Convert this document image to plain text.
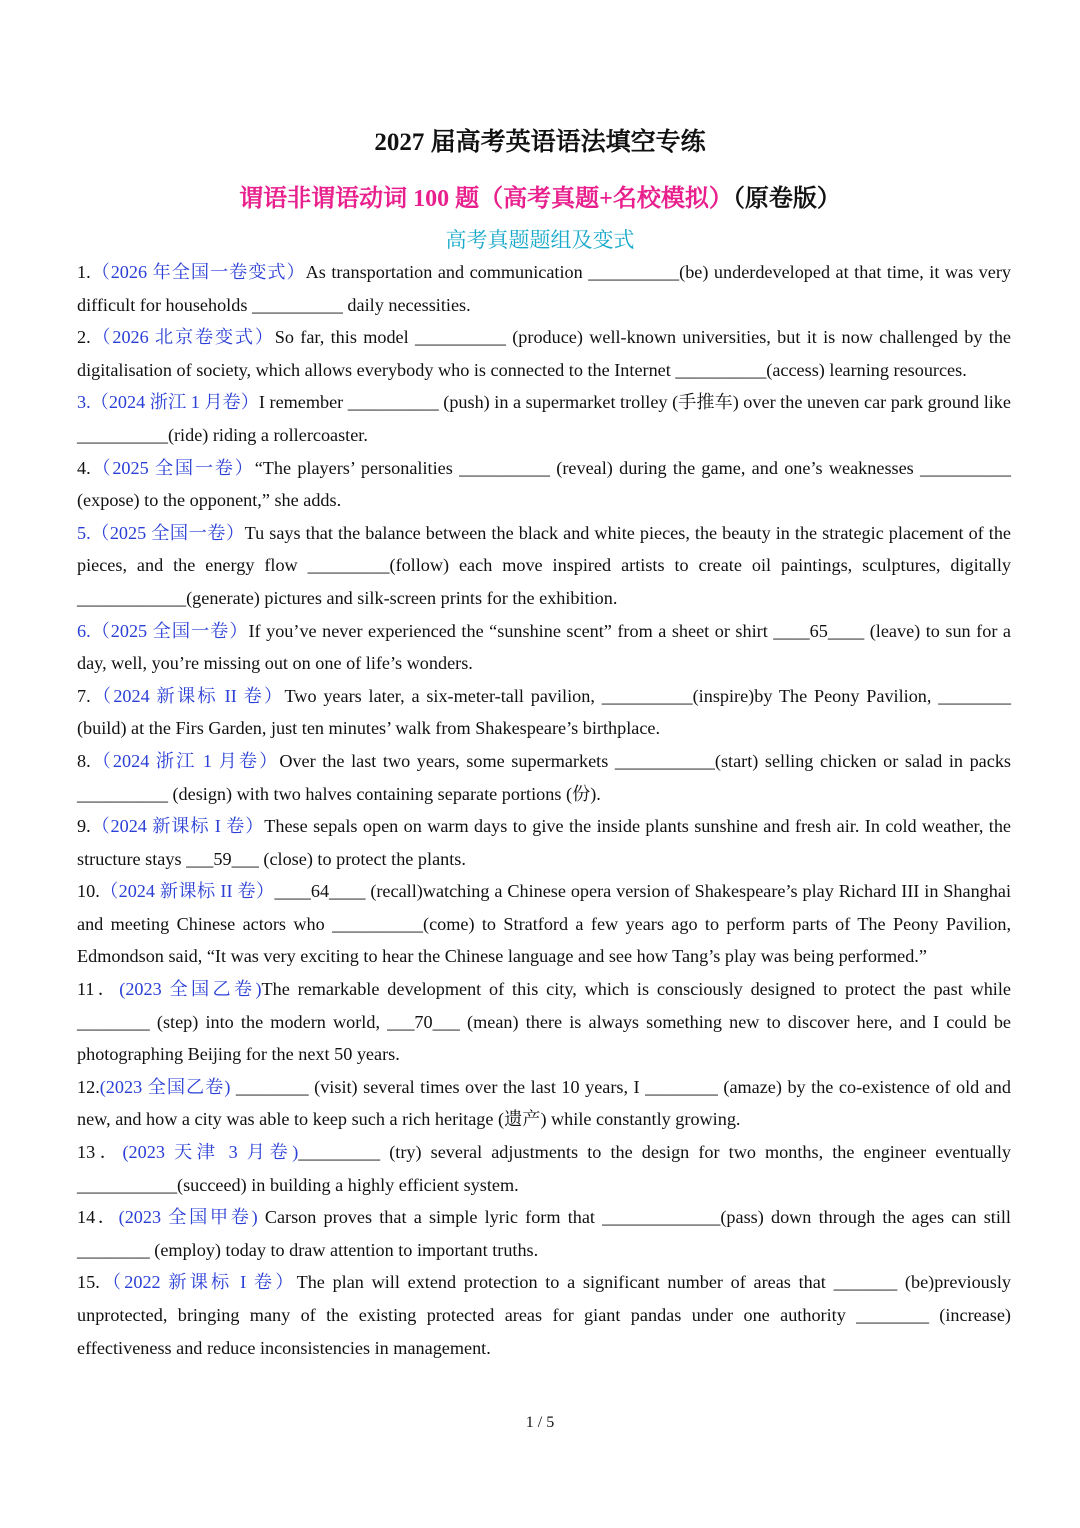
2027 届高考英语语法填空专练
谓语非谓语动词 100 题（高考真题+名校模拟）（原卷版）
高考真题题组及变式

1.（2026 年全国一卷变式）As transportation and communication __________(be) underdeveloped at that time, it was very difficult for households __________ daily necessities.

2.（2026 北京卷变式）So far, this model __________ (produce) well-known universities, but it is now challenged by the digitalisation of society, which allows everybody who is connected to the Internet __________(access) learning resources.

3.（2024 浙江 1 月卷）I remember __________ (push) in a supermarket trolley (手推车) over the uneven car park ground like __________(ride) riding a rollercoaster.

4.（2025 全国一卷）“The players’ personalities __________ (reveal) during the game, and one’s weaknesses __________ (expose) to the opponent,” she adds.

5.（2025 全国一卷）Tu says that the balance between the black and white pieces, the beauty in the strategic placement of the pieces, and the energy flow _________(follow) each move inspired artists to create oil paintings, sculptures, digitally ____________(generate) pictures and silk-screen prints for the exhibition.

6.（2025 全国一卷）If you’ve never experienced the “sunshine scent” from a sheet or shirt ____65____ (leave) to sun for a day, well, you’re missing out on one of life’s wonders.

7.（2024 新课标 II 卷）Two years later, a six-meter-tall pavilion, __________(inspire)by The Peony Pavilion, ________ (build) at the Firs Garden, just ten minutes’ walk from Shakespeare’s birthplace.

8.（2024 浙江 1 月卷）Over the last two years, some supermarkets ___________(start) selling chicken or salad in packs __________ (design) with two halves containing separate portions (份).

9.（2024 新课标 I 卷）These sepals open on warm days to give the inside plants sunshine and fresh air. In cold weather, the structure stays ___59___ (close) to protect the plants.

10.（2024 新课标 II 卷）____64____ (recall)watching a Chinese opera version of Shakespeare’s play Richard III in Shanghai and meeting Chinese actors who __________(come) to Stratford a few years ago to perform parts of The Peony Pavilion, Edmondson said, “It was very exciting to hear the Chinese language and see how Tang’s play was being performed.”

11．(2023 全国乙卷)The remarkable development of this city, which is consciously designed to protect the past while ________ (step) into the modern world, ___70___ (mean) there is always something new to discover here, and I could be photographing Beijing for the next 50 years.

12.(2023 全国乙卷) ________ (visit) several times over the last 10 years, I ________ (amaze) by the co-existence of old and new, and how a city was able to keep such a rich heritage (遗产) while constantly growing.

13．(2023 天津 3 月卷)_________ (try) several adjustments to the design for two months, the engineer eventually ___________(succeed) in building a highly efficient system.

14．(2023 全国甲卷) Carson proves that a simple lyric form that _____________(pass) down through the ages can still ________ (employ) today to draw attention to important truths.

15.（2022 新课标 I 卷）The plan will extend protection to a significant number of areas that _______ (be)previously unprotected, bringing many of the existing protected areas for giant pandas under one authority ________ (increase) effectiveness and reduce inconsistencies in management.

1 / 5
